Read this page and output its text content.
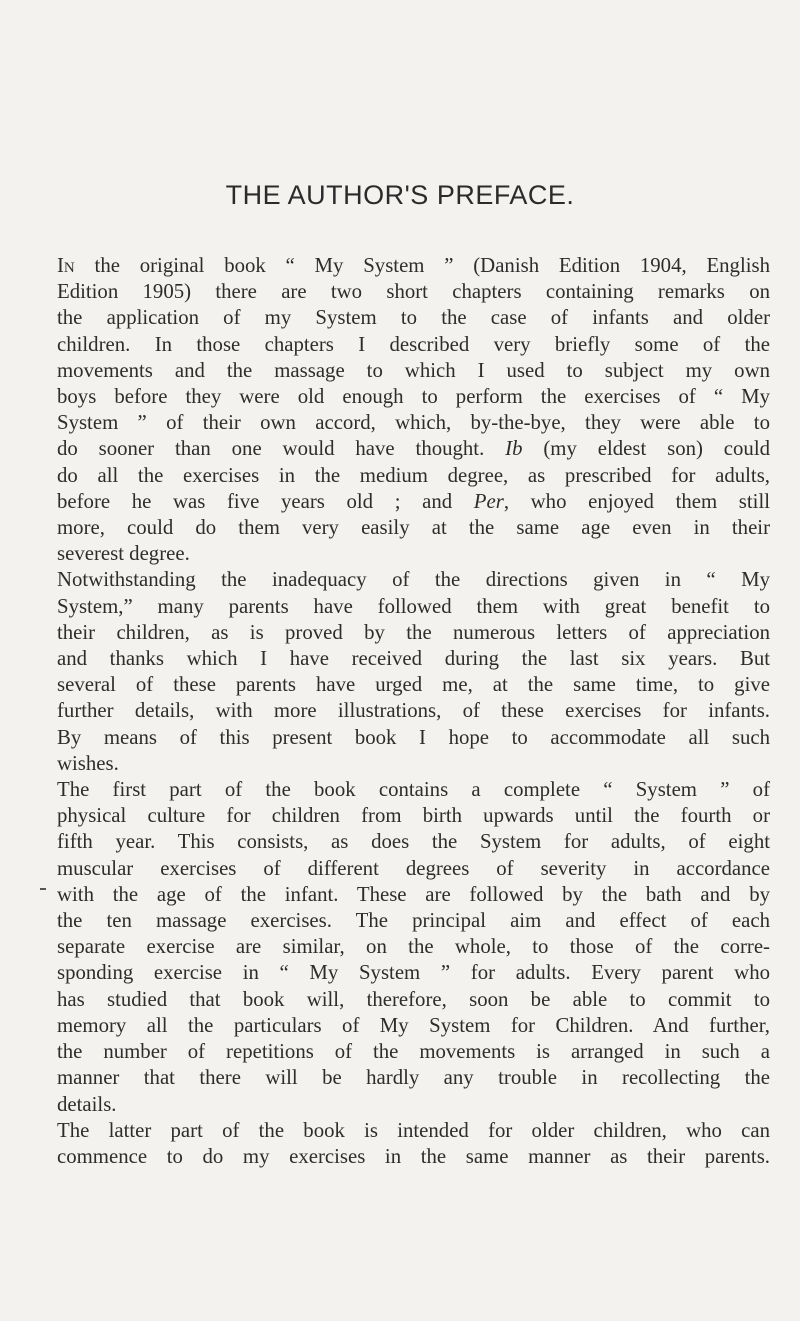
THE AUTHOR'S PREFACE.

In the original book “ My System ” (Danish Edition 1904, English
Edition 1905) there are two short chapters containing remarks on
the application of my System to the case of infants and older
children. In those chapters I described very briefly some of the
movements and the massage to which I used to subject my own
boys before they were old enough to perform the exercises of “ My
System ” of their own accord, which, by-the-bye, they were able to
do sooner than one would have thought. Ib (my eldest son) could
do all the exercises in the medium degree, as prescribed for adults,
before he was five years old ; and Per, who enjoyed them still
more, could do them very easily at the same age even in their
severest degree.

Notwithstanding the inadequacy of the directions given in “ My
System,” many parents have followed them with great benefit to
their children, as is proved by the numerous letters of appreciation
and thanks which I have received during the last six years. But
several of these parents have urged me, at the same time, to give
further details, with more illustrations, of these exercises for infants.
By means of this present book I hope to accommodate all such
wishes.

The first part of the book contains a complete “ System ” of
physical culture for children from birth upwards until the fourth or
fifth year. This consists, as does the System for adults, of eight
muscular exercises of different degrees of severity in accordance
with the age of the infant. These are followed by the bath and by
the ten massage exercises. The principal aim and effect of each
separate exercise are similar, on the whole, to those of the corre-
sponding exercise in “ My System ” for adults. Every parent who
has studied that book will, therefore, soon be able to commit to
memory all the particulars of My System for Children. And further,
the number of repetitions of the movements is arranged in such a
manner that there will be hardly any trouble in recollecting the
details.

The latter part of the book is intended for older children, who can
commence to do my exercises in the same manner as their parents.
